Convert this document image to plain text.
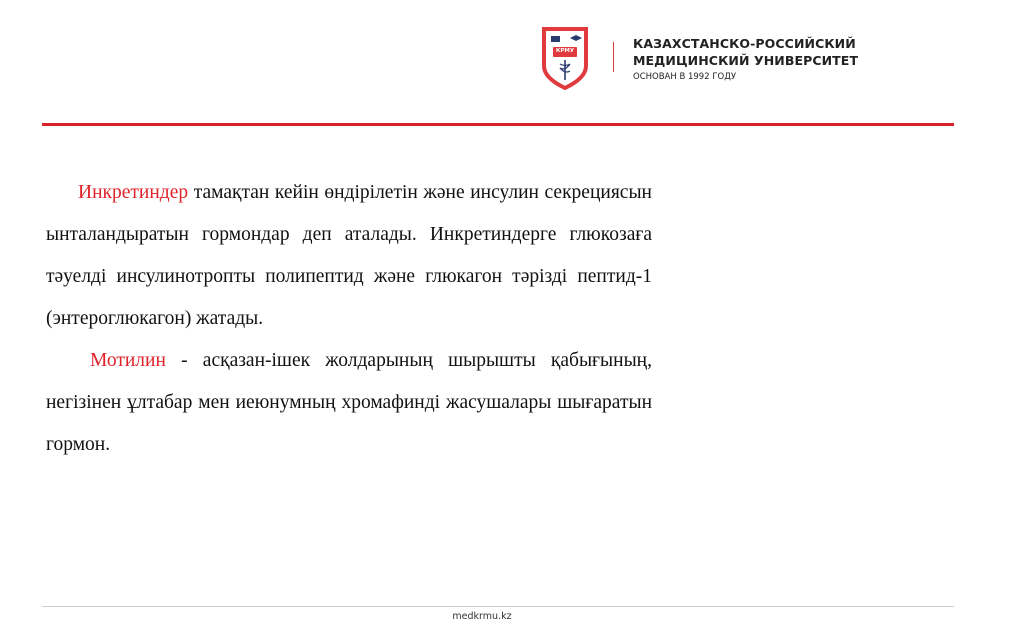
КРМУ	КАЗАХСТАНСКО-РОССИЙСКИЙ
МЕДИЦИНСКИЙ УНИВЕРСИТЕТ
ОСНОВАН В 1992 ГОДУ

Инкретиндер тамақтан кейін өндірілетін және инсулин секрециясын ынталандыратын гормондар деп аталады. Инкретиндерге глюкозаға тәуелді инсулинотропты полипептид және глюкагон тәрізді пептид-1 (энтероглюкагон) жатады.

Мотилин - асқазан-ішек жолдарының шырышты қабығының, негізінен ұлтабар мен иеюнумның хромафинді жасушалары шығаратын гормон.

medkrmu.kz
